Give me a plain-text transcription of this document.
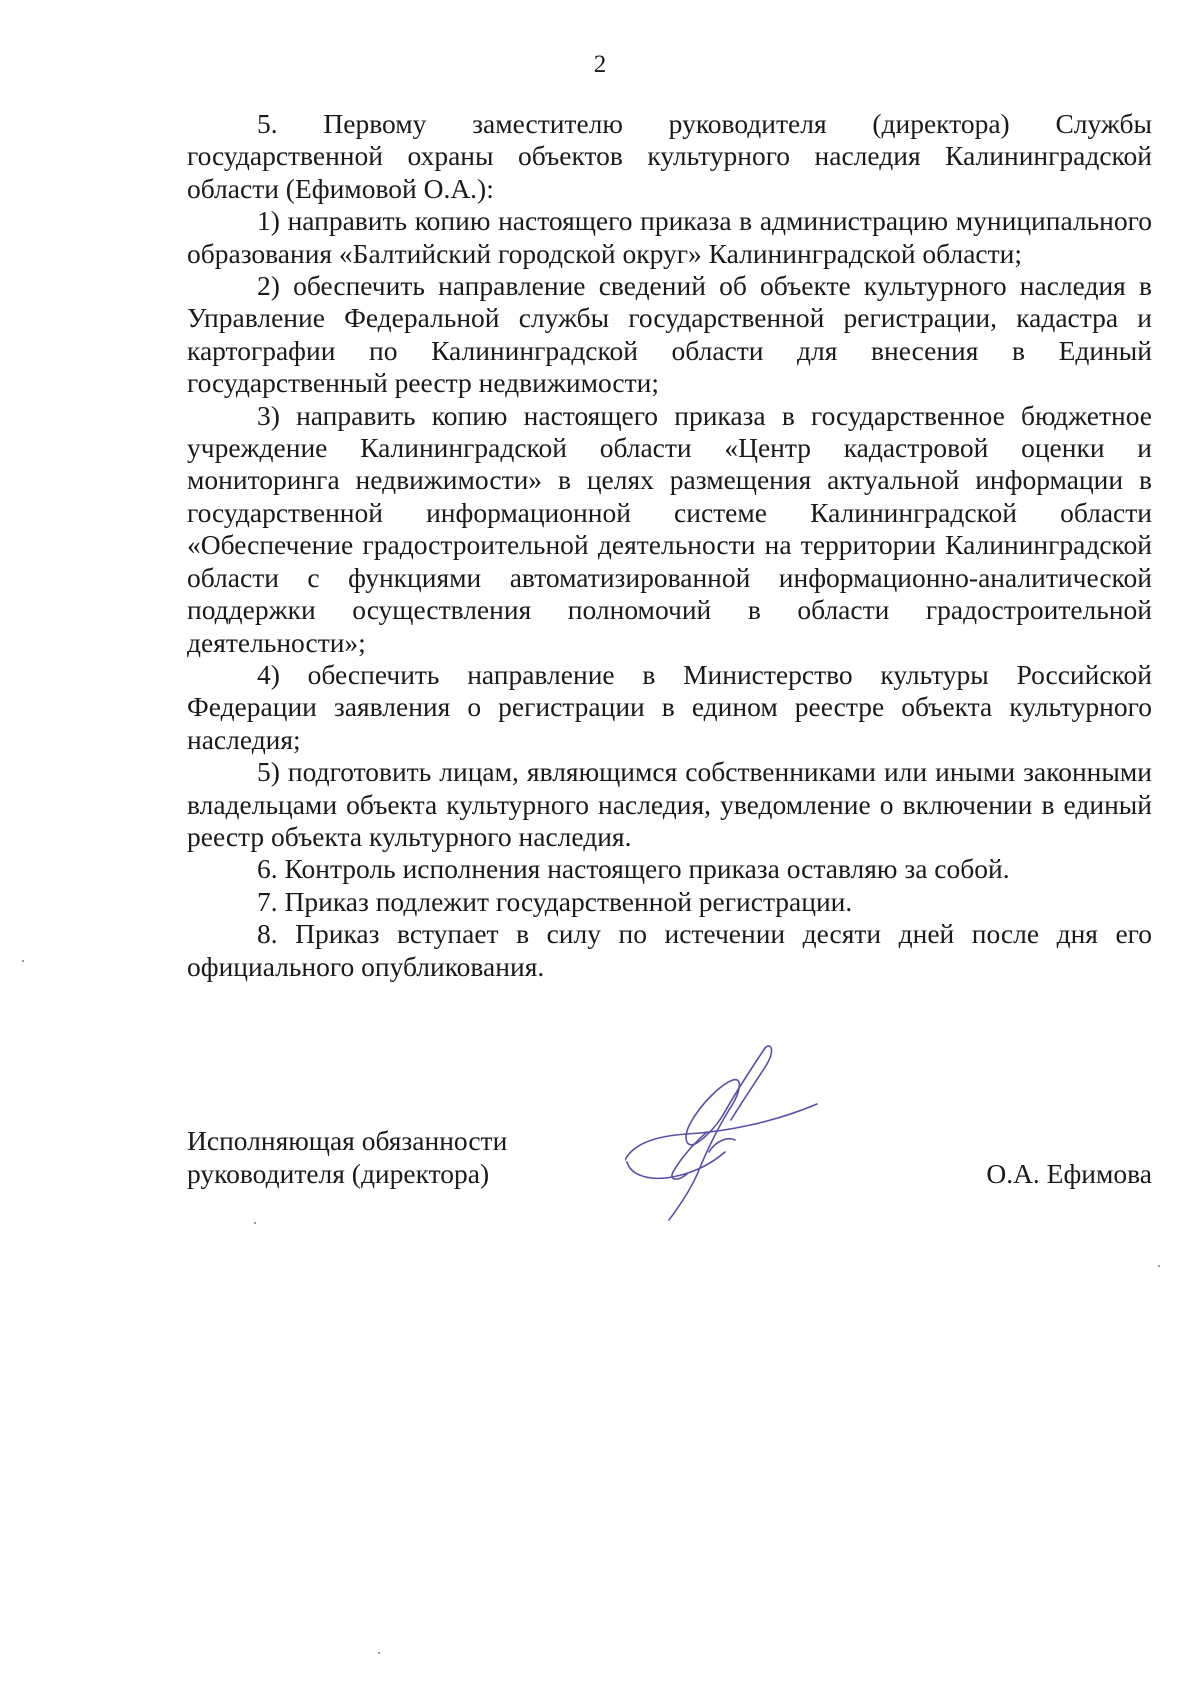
2

5. Первому заместителю руководителя (директора) Службы государственной охраны объектов культурного наследия Калининградской области (Ефимовой О.А.):

1) направить копию настоящего приказа в администрацию муниципального образования «Балтийский городской округ» Калининградской области;

2) обеспечить направление сведений об объекте культурного наследия в Управление Федеральной службы государственной регистрации, кадастра и картографии по Калининградской области для внесения в Единый государственный реестр недвижимости;

3) направить копию настоящего приказа в государственное бюджетное учреждение Калининградской области «Центр кадастровой оценки и мониторинга недвижимости» в целях размещения актуальной информации в государственной информационной системе Калининградской области «Обеспечение градостроительной деятельности на территории Калининградской области с функциями автоматизированной информационно-аналитической поддержки осуществления полномочий в области градостроительной деятельности»;

4) обеспечить направление в Министерство культуры Российской Федерации заявления о регистрации в едином реестре объекта культурного наследия;

5) подготовить лицам, являющимся собственниками или иными законными владельцами объекта культурного наследия, уведомление о включении в единый реестр объекта культурного наследия.

6. Контроль исполнения настоящего приказа оставляю за собой.

7. Приказ подлежит государственной регистрации.

8. Приказ вступает в силу по истечении десяти дней после дня его официального опубликования.

Исполняющая обязанности
руководителя (директора)	О.А. Ефимова
